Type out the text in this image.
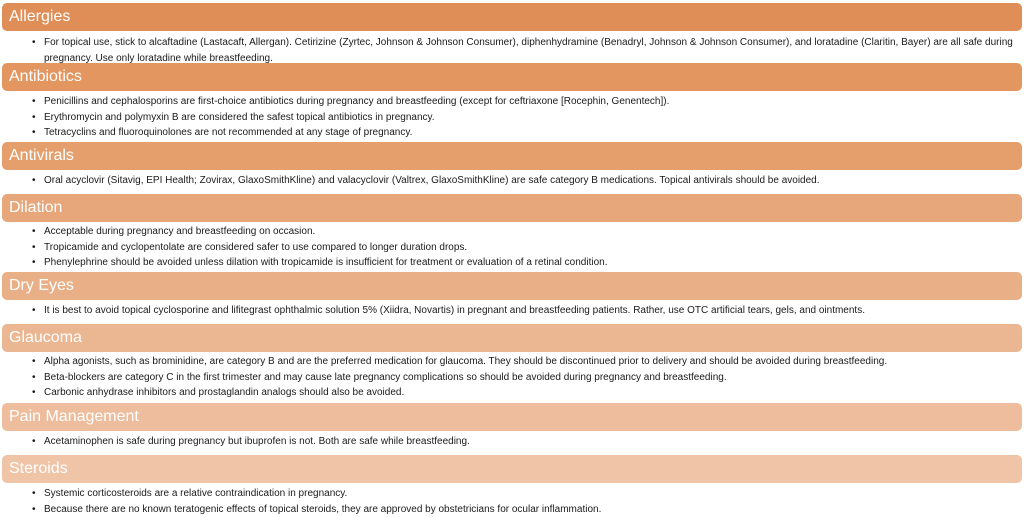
Allergies
• For topical use, stick to alcaftadine (Lastacaft, Allergan). Cetirizine (Zyrtec, Johnson & Johnson Consumer), diphenhydramine (Benadryl, Johnson & Johnson Consumer), and loratadine (Claritin, Bayer) are all safe during pregnancy. Use only loratadine while breastfeeding.
Antibiotics
• Penicillins and cephalosporins are first-choice antibiotics during pregnancy and breastfeeding (except for ceftriaxone [Rocephin, Genentech]).
• Erythromycin and polymyxin B are considered the safest topical antibiotics in pregnancy.
• Tetracyclins and fluoroquinolones are not recommended at any stage of pregnancy.
Antivirals
• Oral acyclovir (Sitavig, EPI Health; Zovirax, GlaxoSmithKline) and valacyclovir (Valtrex, GlaxoSmithKline) are safe category B medications. Topical antivirals should be avoided.
Dilation
• Acceptable during pregnancy and breastfeeding on occasion.
• Tropicamide and cyclopentolate are considered safer to use compared to longer duration drops.
• Phenylephrine should be avoided unless dilation with tropicamide is insufficient for treatment or evaluation of a retinal condition.
Dry Eyes
• It is best to avoid topical cyclosporine and lifitegrast ophthalmic solution 5% (Xiidra, Novartis) in pregnant and breastfeeding patients. Rather, use OTC artificial tears, gels, and ointments.
Glaucoma
• Alpha agonists, such as brominidine, are category B and are the preferred medication for glaucoma. They should be discontinued prior to delivery and should be avoided during breastfeeding.
• Beta-blockers are category C in the first trimester and may cause late pregnancy complications so should be avoided during pregnancy and breastfeeding.
• Carbonic anhydrase inhibitors and prostaglandin analogs should also be avoided.
Pain Management
• Acetaminophen is safe during pregnancy but ibuprofen is not. Both are safe while breastfeeding.
Steroids
• Systemic corticosteroids are a relative contraindication in pregnancy.
• Because there are no known teratogenic effects of topical steroids, they are approved by obstetricians for ocular inflammation.
